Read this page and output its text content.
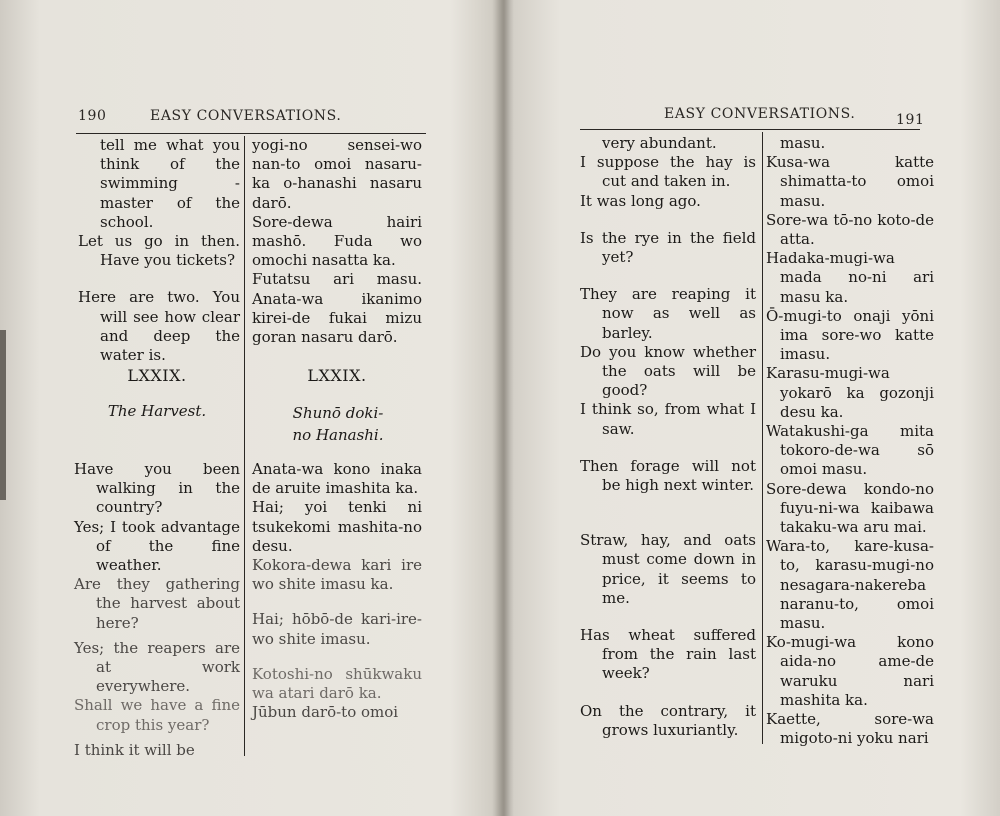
190	EASY CONVERSATIONS.

tell me what you think of the swimming - master of the school.

Let us go in then. Have you tickets?

Here are two. You will see how clear and deep the water is.

yogi-no sensei-wo nan-to omoi nasaru-ka o-hanashi nasaru darō.

Sore-dewa hairi mashō. Fuda wo omochi nasatta ka.

Futatsu ari masu. Anata-wa ikanimo kirei-de fukai mizu goran nasaru darō.

LXXIX.	LXXIX.
The Harvest.	Shunō doki- no Hanashi.

Have you been walking in the country?

Yes; I took advantage of the fine weather.

Are they gathering the harvest about here?

Yes; the reapers are at work everywhere.

Shall we have a fine crop this year?

I think it will be

Anata-wa kono inaka de aruite imashita ka.

Hai; yoi tenki ni tsukekomi mashita-no desu.

Kokora-dewa kari ire wo shite imasu ka.

Hai; hōbō-de kari-ire-wo shite imasu.

Kotoshi-no shūkwaku wa atari darō ka.

Jūbun darō-to omoi

EASY CONVERSATIONS.	191

very abundant.

I suppose the hay is cut and taken in.

It was long ago.

Is the rye in the field yet?

They are reaping it now as well as barley.

Do you know whether the oats will be good?

I think so, from what I saw.

Then forage will not be high next winter.

Straw, hay, and oats must come down in price, it seems to me.

Has wheat suffered from the rain last week?

On the contrary, it grows luxuriantly.

masu.

Kusa-wa katte shimatta-to omoi masu.

Sore-wa tō-no koto-de atta.

Hadaka-mugi-wa mada no-ni ari masu ka.

Ō-mugi-to onaji yōni ima sore-wo katte imasu.

Karasu-mugi-wa yokarō ka gozonji desu ka.

Watakushi-ga mita tokoro-de-wa sō omoi masu.

Sore-dewa kondo-no fuyu-ni-wa kaibawa takaku-wa aru mai.

Wara-to, kare-kusa-to, karasu-mugi-no nesagara-nakereba naranu-to, omoi masu.

Ko-mugi-wa kono aida-no ame-de waruku nari mashita ka.

Kaette, sore-wa migoto-ni yoku nari
